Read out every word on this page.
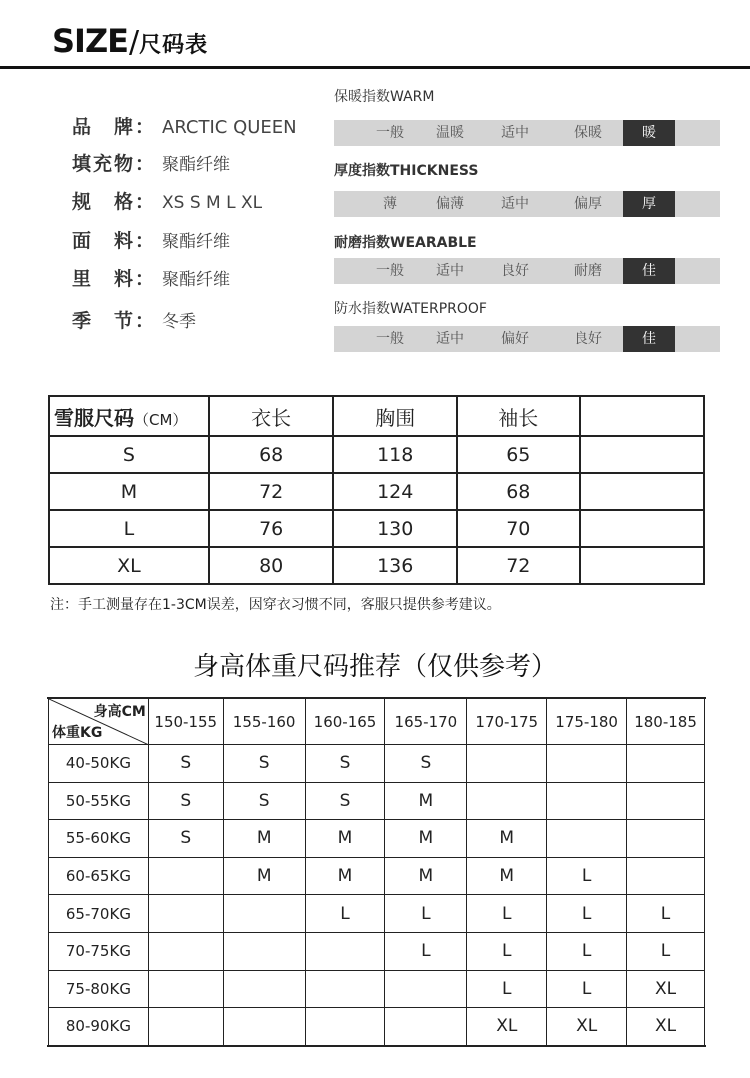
SIZE/尺码表
品　牌： ARCTIC QUEEN
填充物： 聚酯纤维
规　格： XS S M L XL
面　料： 聚酯纤维
里　料： 聚酯纤维
季　节： 冬季
保暖指数WARM
一般	温暖	适中	保暖	暖
厚度指数THICKNESS
薄	偏薄	适中	偏厚	厚
耐磨指数WEARABLE
一般	适中	良好	耐磨	佳
防水指数WATERPROOF
一般	适中	偏好	良好	佳
雪服尺码（CM）	衣长	胸围	袖长	
S	68	118	65	
M	72	124	68	
L	76	130	70	
XL	80	136	72	
注：手工测量存在1-3CM误差，因穿衣习惯不同，客服只提供参考建议。
身高体重尺码推荐（仅供参考）
身高CM
体重KG	150-155	155-160	160-165	165-170	170-175	175-180	180-185
40-50KG	S	S	S	S			
50-55KG	S	S	S	M			
55-60KG	S	M	M	M	M		
60-65KG		M	M	M	M	L	
65-70KG			L	L	L	L	L
70-75KG				L	L	L	L
75-80KG					L	L	XL
80-90KG					XL	XL	XL
